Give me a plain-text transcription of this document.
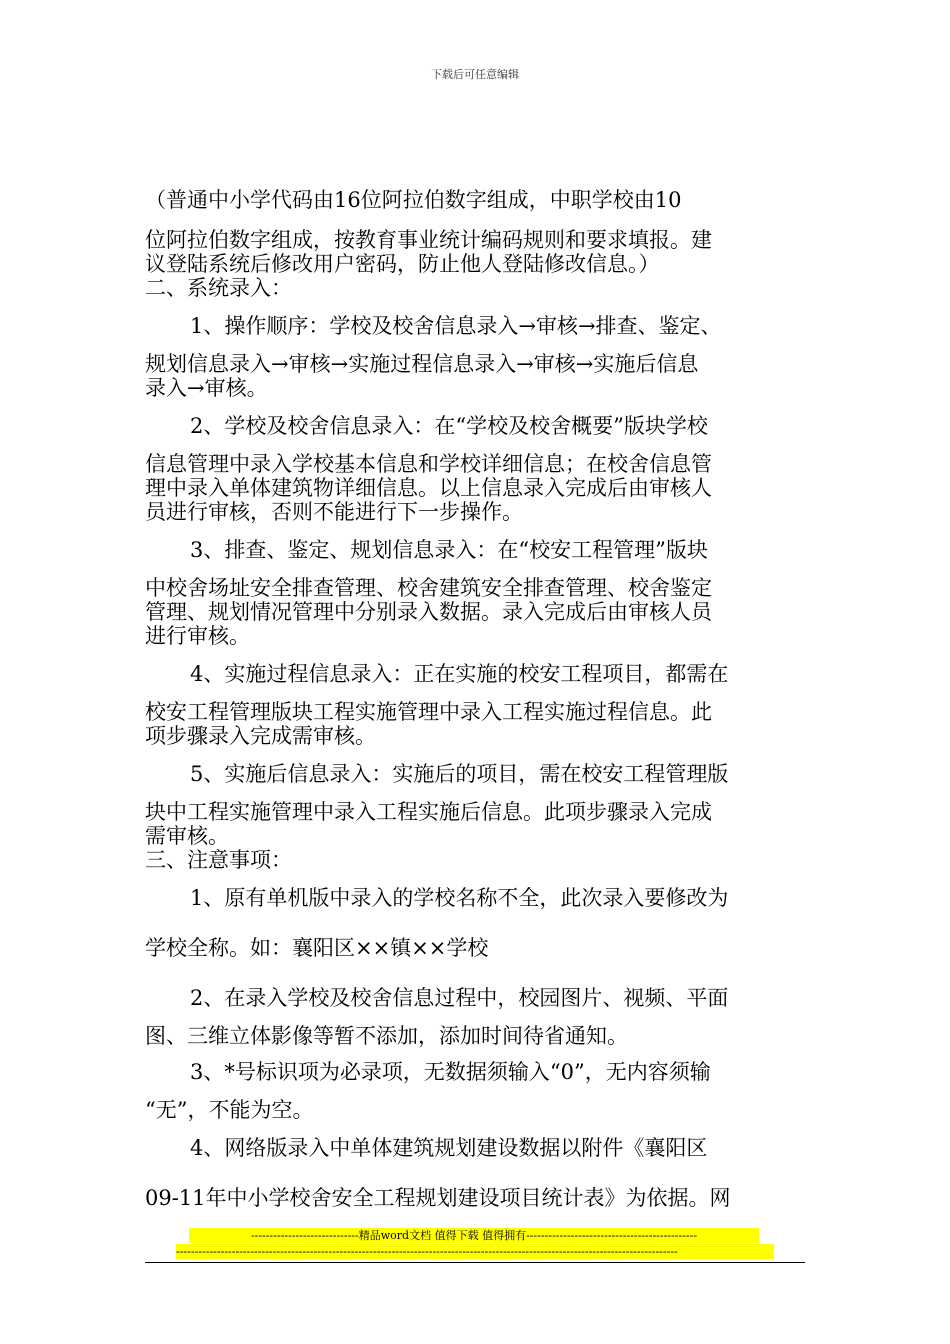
下载后可任意编辑

（普通中小学代码由16位阿拉伯数字组成，中职学校由10

位阿拉伯数字组成，按教育事业统计编码规则和要求填报。建

议登陆系统后修改用户密码，防止他人登陆修改信息。）

二、系统录入：

1、操作顺序：学校及校舍信息录入→审核→排查、鉴定、

规划信息录入→审核→实施过程信息录入→审核→实施后信息

录入→审核。

2、学校及校舍信息录入：在“学校及校舍概要”版块学校

信息管理中录入学校基本信息和学校详细信息；在校舍信息管

理中录入单体建筑物详细信息。以上信息录入完成后由审核人

员进行审核，否则不能进行下一步操作。

3、排查、鉴定、规划信息录入：在“校安工程管理”版块

中校舍场址安全排查管理、校舍建筑安全排查管理、校舍鉴定

管理、规划情况管理中分别录入数据。录入完成后由审核人员

进行审核。

4、实施过程信息录入：正在实施的校安工程项目，都需在

校安工程管理版块工程实施管理中录入工程实施过程信息。此

项步骤录入完成需审核。

5、实施后信息录入：实施后的项目，需在校安工程管理版

块中工程实施管理中录入工程实施后信息。此项步骤录入完成

需审核。

三、注意事项：

1、原有单机版中录入的学校名称不全，此次录入要修改为

学校全称。如：襄阳区××镇××学校

2、在录入学校及校舍信息过程中，校园图片、视频、平面

图、三维立体影像等暂不添加，添加时间待省通知。

3、*号标识项为必录项，无数据须输入“0”，无内容须输

“无”，不能为空。

4、网络版录入中单体建筑规划建设数据以附件《襄阳区

09-11年中小学校舍安全工程规划建设项目统计表》为依据。网

-----------------------------精品word文档 值得下载 值得拥有----------------------------------------------
---------------------------------------------------------------------------------------------------------------------------------------
